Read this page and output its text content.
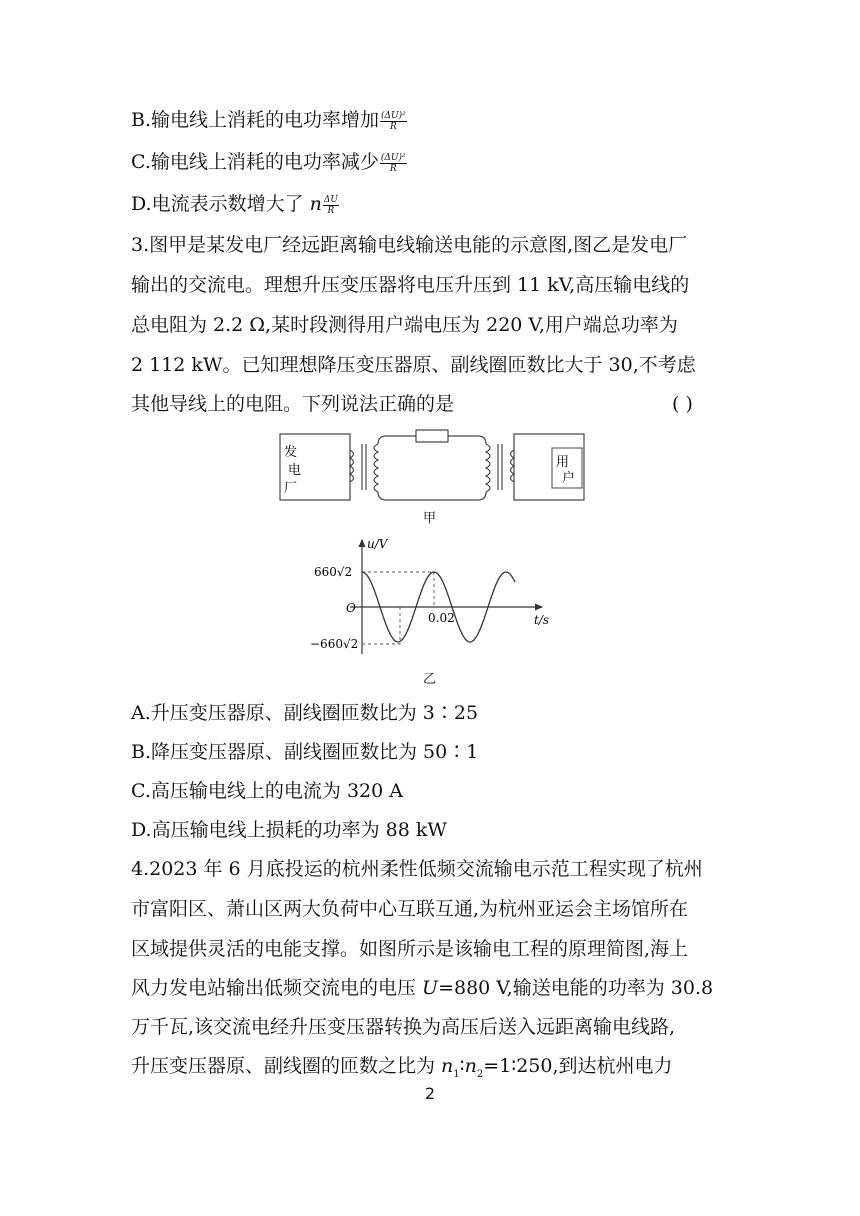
B.输电线上消耗的电功率增加 $\frac{\text{(ΔU)²}}{R}$
C.输电线上消耗的电功率减少 $\frac{\text{(ΔU)²}}{R}$
D.电流表示数增大了 n $\frac{\Delta U}{R}$
3.图甲是某发电厂经远距离输电线输送电能的示意图,图乙是发电厂
输出的交流电。理想升压变压器将电压升压到 11 kV,高压输电线的
总电阻为 2.2 Ω,某时段测得用户端电压为 220 V,用户端总功率为
2 112 kW。已知理想降压变压器原、副线圈匝数比大于 30,不考虑
其他导线上的电阻。下列说法正确的是	( )
发
电
厂
用
户
甲
u/V
t/s
660√2
−660√2
O
0.02
乙
A.升压变压器原、副线圈匝数比为 3∶25
B.降压变压器原、副线圈匝数比为 50∶1
C.高压输电线上的电流为 320 A
D.高压输电线上损耗的功率为 88 kW
4.2023 年 6 月底投运的杭州柔性低频交流输电示范工程实现了杭州
市富阳区、萧山区两大负荷中心互联互通,为杭州亚运会主场馆所在
区域提供灵活的电能支撑。如图所示是该输电工程的原理简图,海上
风力发电站输出低频交流电的电压 U=880 V,输送电能的功率为 30.8
万千瓦,该交流电经升压变压器转换为高压后送入远距离输电线路,
升压变压器原、副线圈的匝数之比为 $n_1∶n_2=1∶250$,到达杭州电力
2
